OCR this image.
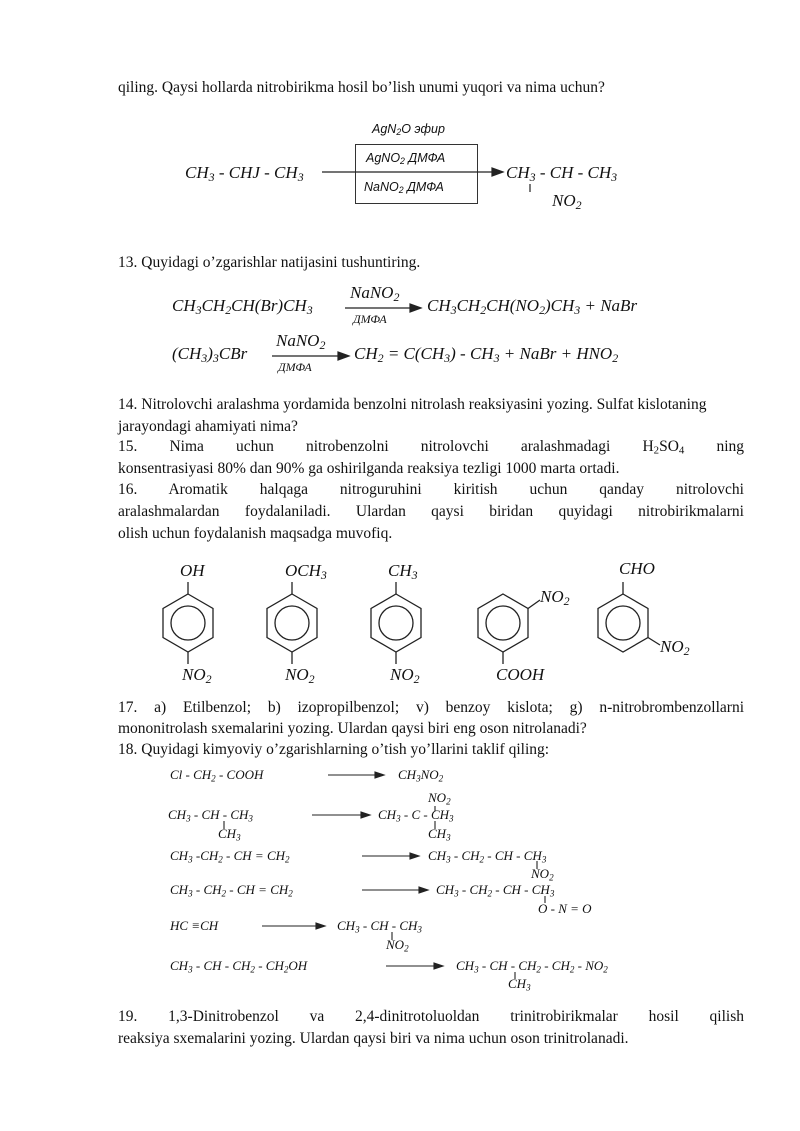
qiling. Qaysi hollarda nitrobirikma hosil bo’lish unumi yuqori va nima uchun?
$CH_3$ - CHJ - $CH_3$
AgN$_2$O эфир
AgNO$_2$ ДМФА
NaNO$_2$ ДМФА
$CH_3$ - CH - $CH_3$
$NO_2$
13. Quyidagi o’zgarishlar natijasini tushuntiring.
$CH_3CH_2CH(Br)CH_3$
NaNO$_2$
ДМФА
$CH_3CH_2CH(NO_2)CH_3$ + NaBr
$(CH_3)_3CBr$
NaNO$_2$
ДМФА
$CH_2 = C(CH_3) - CH_3$ + NaBr + $HNO_2$
14. Nitrolovchi aralashma yordamida benzolni nitrolash reaksiyasini yozing. Sulfat kislotaning jarayondagi ahamiyati nima?
15. Nima uchun nitrobenzolni nitrolovchi aralashmadagi $H_2SO_4$ ning
konsentrasiyasi 80% dan 90% ga oshirilganda reaksiya tezligi 1000 marta ortadi.
16. Aromatik halqaga nitroguruhini kiritish uchun qanday nitrolovchi
aralashmalardan foydalaniladi. Ulardan qaysi biridan quyidagi nitrobirikmalarni
olish uchun foydalanish maqsadga muvofiq.
OH
$NO_2$
$OCH_3$
$NO_2$
$CH_3$
$NO_2$
$NO_2$
COOH
CHO
$NO_2$
17. a) Etilbenzol; b) izopropilbenzol; v) benzoy kislota; g) n-nitrobrombenzollarni
mononitrolash sxemalarini yozing. Ulardan qaysi biri eng oson nitrolanadi?
18. Quyidagi kimyoviy o’zgarishlarning o’tish yo’llarini taklif qiling:
Cl - $CH_2$ - COOH	$CH_3NO_2$
$CH_3$ - CH - $CH_3$
$CH_3$
$NO_2$
$CH_3$ - C - $CH_3$
$CH_3$
$CH_3$ $-CH_2$ - CH = $CH_2$	$CH_3 - CH_2$ - CH - $CH_3$
$NO_2$
$CH_3 - CH_2$ - CH = $CH_2$	$CH_3 - CH_2$ - CH - $CH_3$
O - N = O
HC ≡CH	$CH_3$ - CH - $CH_3$
$NO_2$
$CH_3$ - CH - $CH_2 - CH_2OH$	$CH_3$ - CH - $CH_2 - CH_2 - NO_2$
$CH_3$
19. 1,3-Dinitrobenzol va 2,4-dinitrotoluoldan trinitrobirikmalar hosil qilish
reaksiya sxemalarini yozing. Ulardan qaysi biri va nima uchun oson trinitrolanadi.
